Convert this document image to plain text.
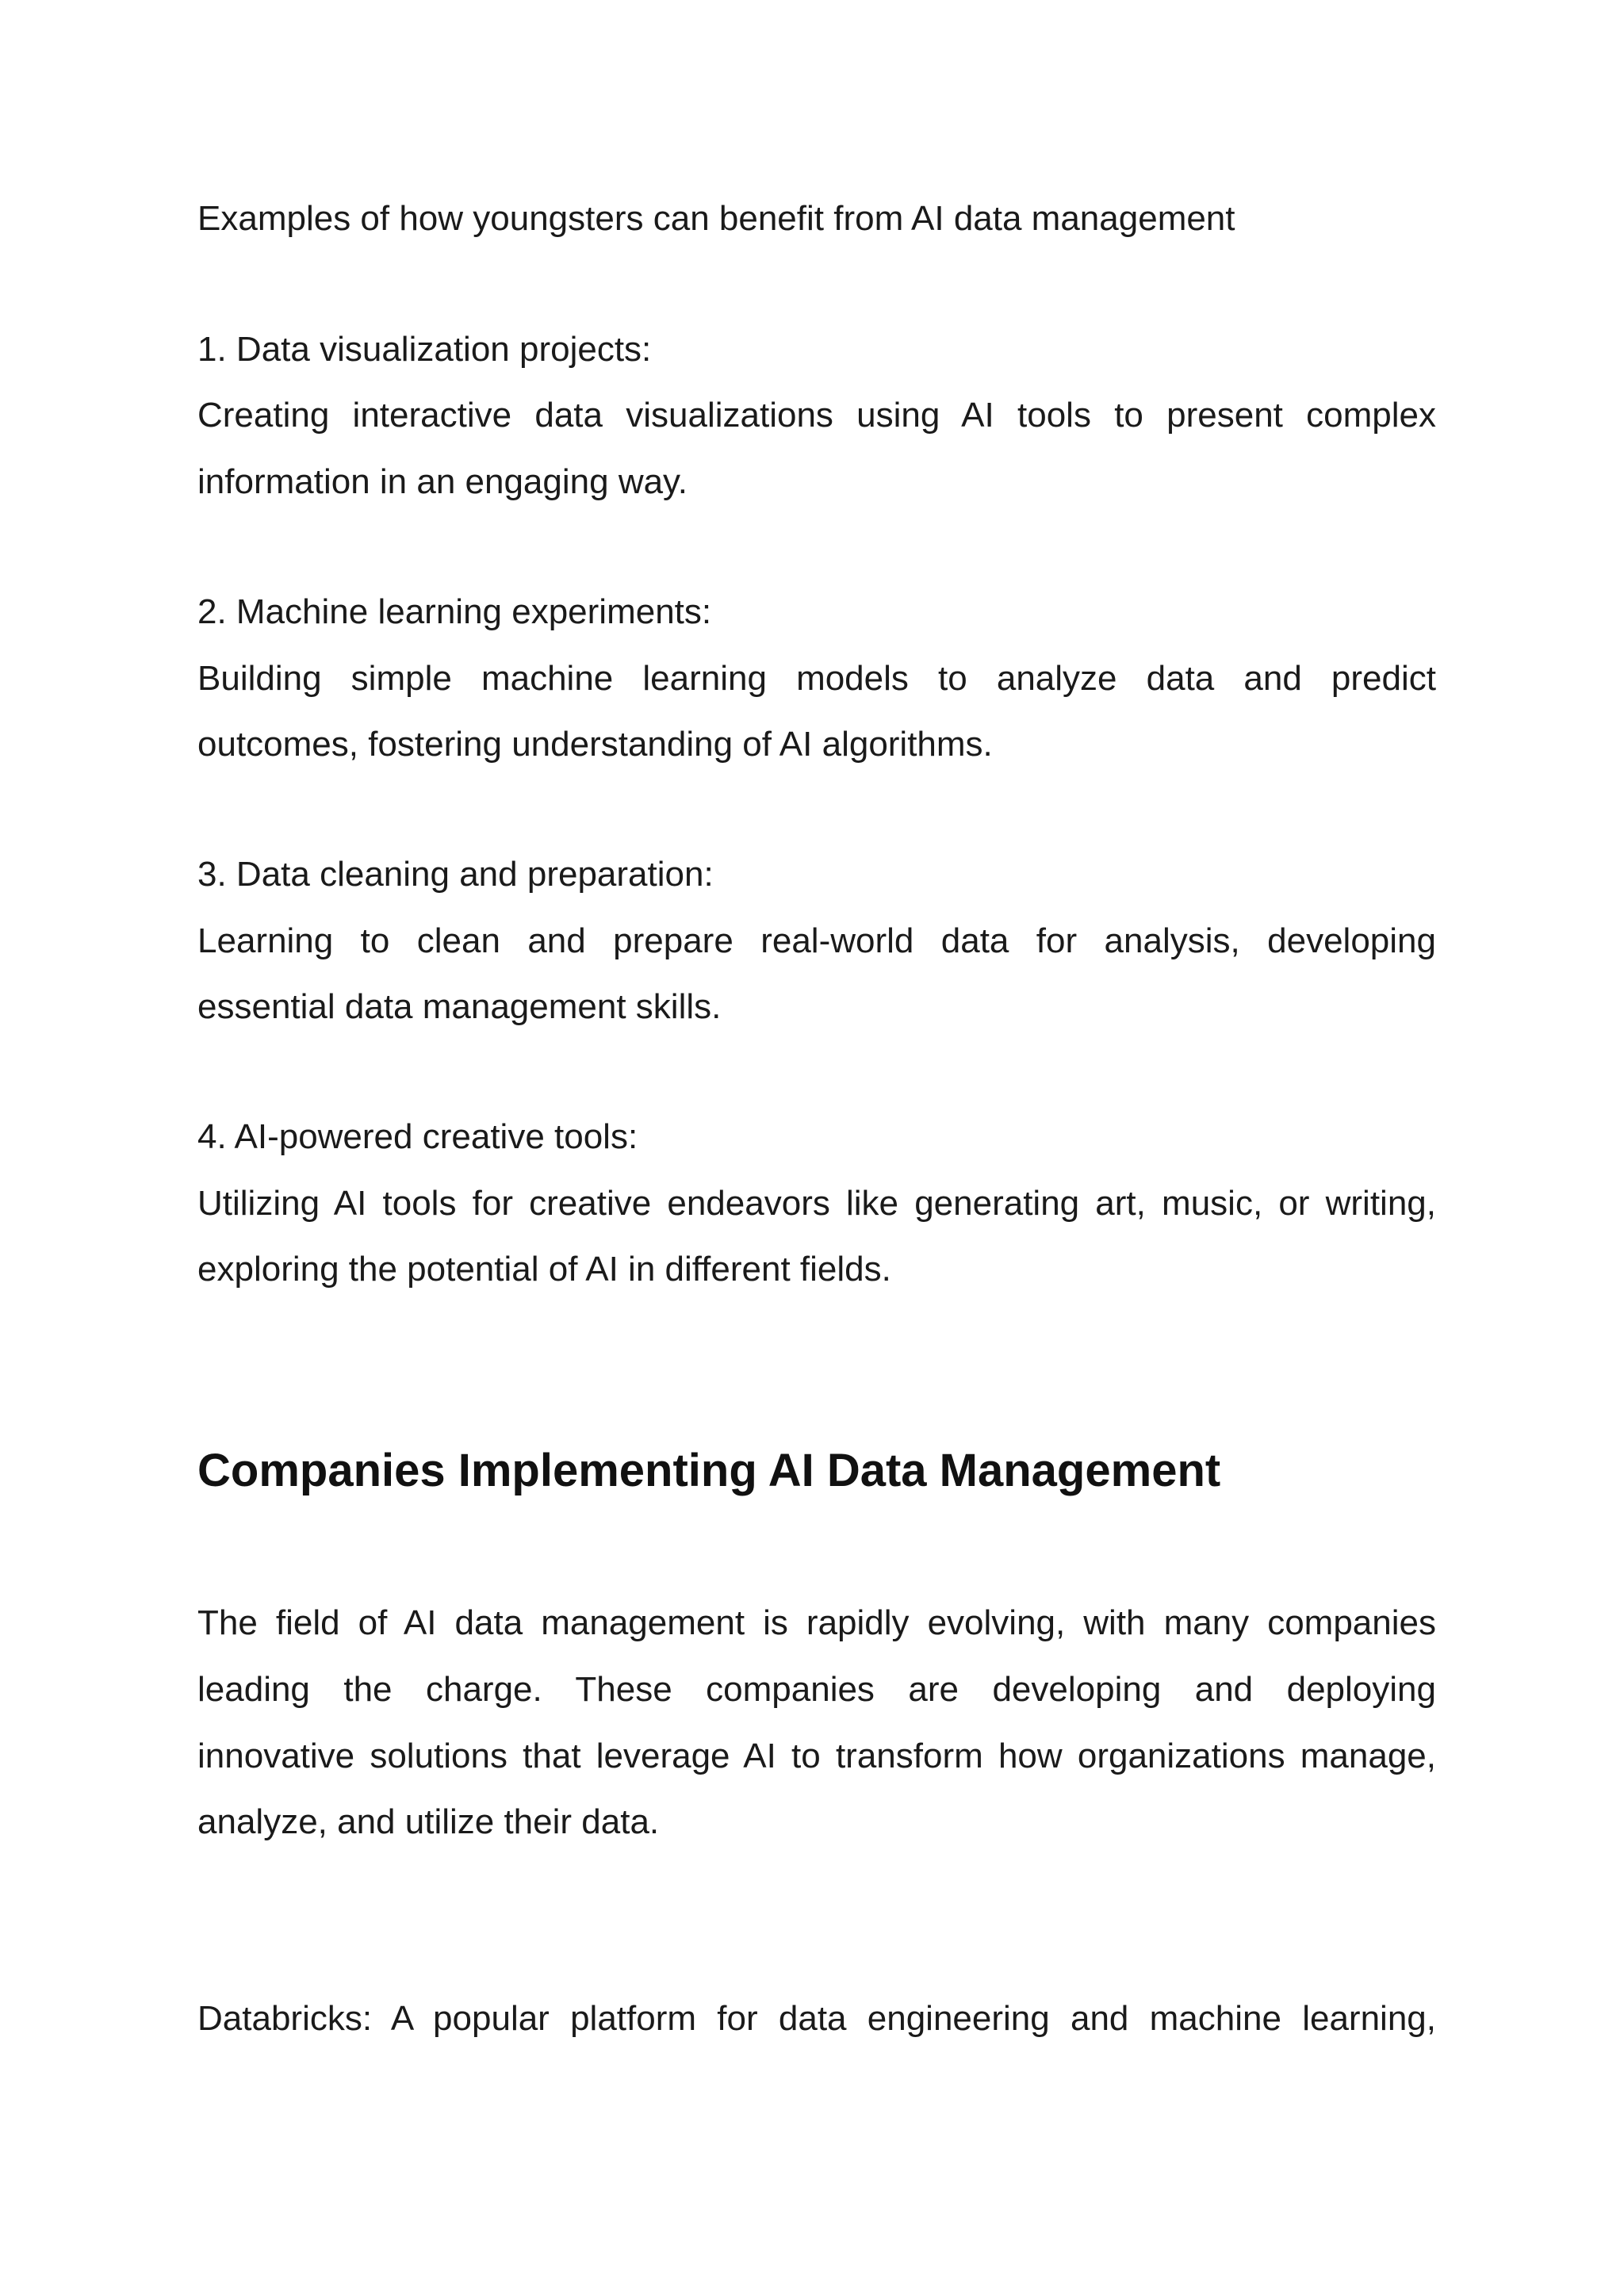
Examples of how youngsters can benefit from AI data management

1. Data visualization projects:

Creating interactive data visualizations using AI tools to present complex

information in an engaging way.

2. Machine learning experiments:

Building simple machine learning models to analyze data and predict

outcomes, fostering understanding of AI algorithms.

3. Data cleaning and preparation:

Learning to clean and prepare real-world data for analysis, developing

essential data management skills.

4. AI-powered creative tools:

Utilizing AI tools for creative endeavors like generating art, music, or writing,

exploring the potential of AI in different fields.

Companies Implementing AI Data Management

The field of AI data management is rapidly evolving, with many companies

leading the charge. These companies are developing and deploying

innovative solutions that leverage AI to transform how organizations manage,

analyze, and utilize their data.

Databricks: A popular platform for data engineering and machine learning,
